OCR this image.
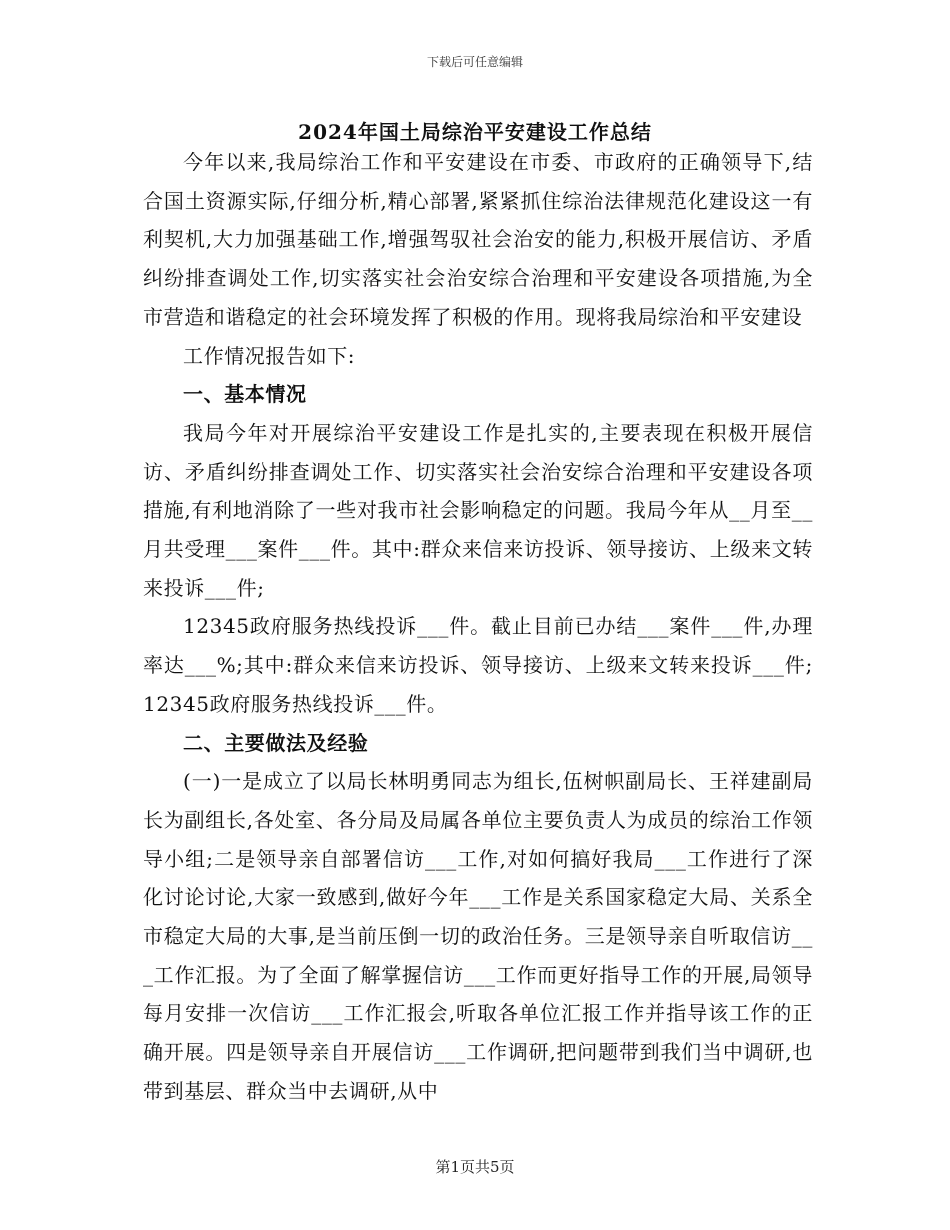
下载后可任意编辑
2024年国土局综治平安建设工作总结

今年以来,我局综治工作和平安建设在市委、市政府的正确领导下,结合国土资源实际,仔细分析,精心部署,紧紧抓住综治法律规范化建设这一有利契机,大力加强基础工作,增强驾驭社会治安的能力,积极开展信访、矛盾纠纷排查调处工作,切实落实社会治安综合治理和平安建设各项措施,为全市营造和谐稳定的社会环境发挥了积极的作用。现将我局综治和平安建设

工作情况报告如下:

一、基本情况

我局今年对开展综治平安建设工作是扎实的,主要表现在积极开展信访、矛盾纠纷排查调处工作、切实落实社会治安综合治理和平安建设各项措施,有利地消除了一些对我市社会影响稳定的问题。我局今年从__月至__月共受理___案件___件。其中:群众来信来访投诉、领导接访、上级来文转来投诉___件;

12345政府服务热线投诉___件。截止目前已办结___案件___件,办理率达___%;其中:群众来信来访投诉、领导接访、上级来文转来投诉___件;12345政府服务热线投诉___件。

二、主要做法及经验

(一)一是成立了以局长林明勇同志为组长,伍树帜副局长、王祥建副局长为副组长,各处室、各分局及局属各单位主要负责人为成员的综治工作领导小组;二是领导亲自部署信访___工作,对如何搞好我局___工作进行了深化讨论讨论,大家一致感到,做好今年___工作是关系国家稳定大局、关系全市稳定大局的大事,是当前压倒一切的政治任务。三是领导亲自听取信访___工作汇报。为了全面了解掌握信访___工作而更好指导工作的开展,局领导每月安排一次信访___工作汇报会,听取各单位汇报工作并指导该工作的正确开展。四是领导亲自开展信访___工作调研,把问题带到我们当中调研,也带到基层、群众当中去调研,从中

第1页共5页
